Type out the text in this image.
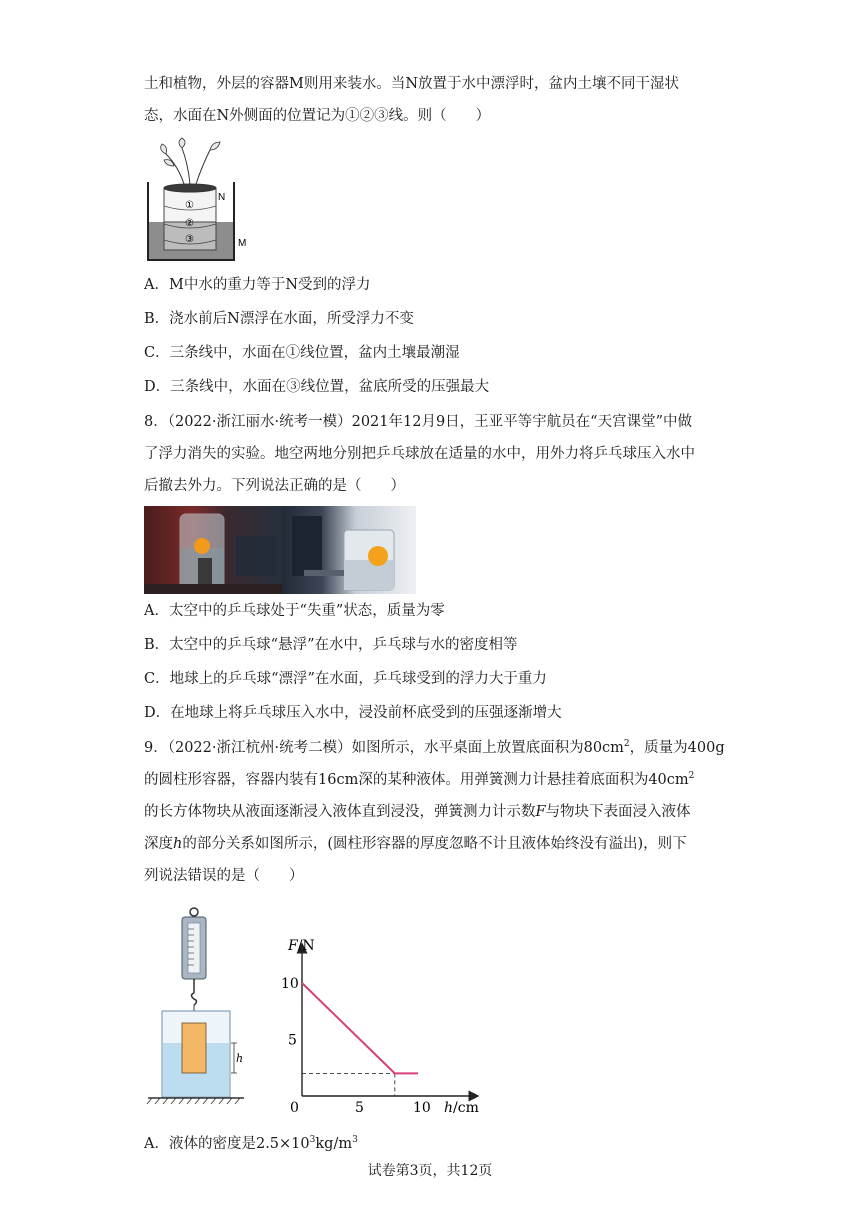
土和植物，外层的容器M则用来装水。当N放置于水中漂浮时，盆内土壤不同干湿状
态，水面在N外侧面的位置记为①②③线。则（　　）
N
M
①
②
③
A．M中水的重力等于N受到的浮力
B．浇水前后N漂浮在水面，所受浮力不变
C．三条线中，水面在①线位置，盆内土壤最潮湿
D．三条线中，水面在③线位置，盆底所受的压强最大
8．（2022·浙江丽水·统考一模）2021年12月9日，王亚平等宇航员在“天宫课堂”中做
了浮力消失的实验。地空两地分别把乒乓球放在适量的水中，用外力将乒乓球压入水中
后撤去外力。下列说法正确的是（　　）
A．太空中的乒乓球处于“失重”状态，质量为零
B．太空中的乒乓球“悬浮”在水中，乒乓球与水的密度相等
C．地球上的乒乓球“漂浮”在水面，乒乓球受到的浮力大于重力
D．在地球上将乒乓球压入水中，浸没前杯底受到的压强逐渐增大
9．（2022·浙江杭州·统考二模）如图所示，水平桌面上放置底面积为$80cm^2$，质量为400g
的圆柱形容器，容器内装有16cm深的某种液体。用弹簧测力计悬挂着底面积为$40cm^2$
的长方体物块从液面逐渐浸入液体直到浸没，弹簧测力计示数F与物块下表面浸入液体
深度h的部分关系如图所示，(圆柱形容器的厚度忽略不计且液体始终没有溢出)，则下
列说法错误的是（　　）
h
F/N
h/cm
0	5	10
5
10
A．液体的密度是$2.5\times 10^3kg/m^3$
试卷第3页，共12页
